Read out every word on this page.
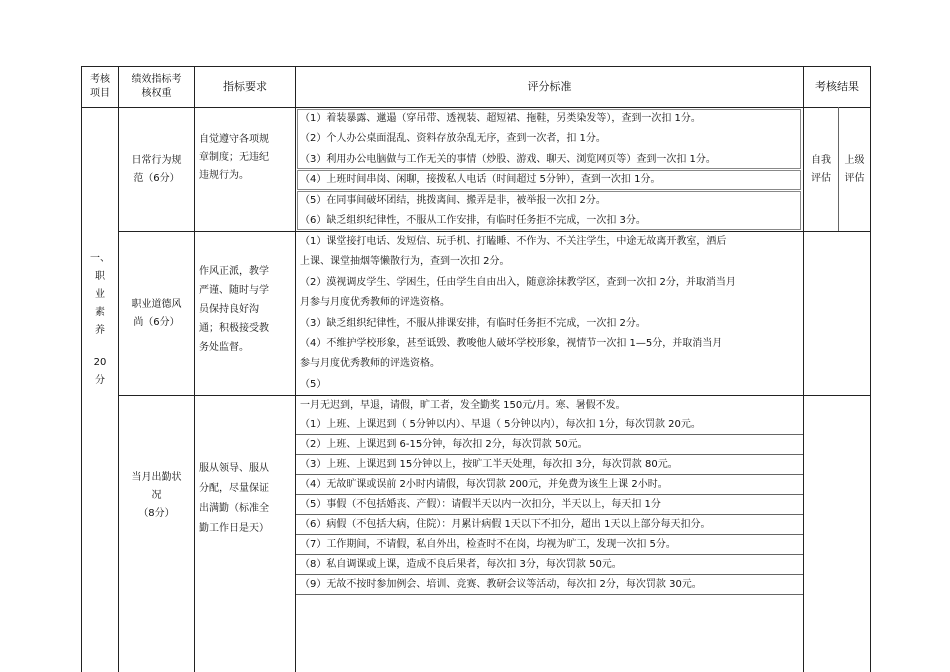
考核
项目
绩效指标考
核权重
指标要求	评分标准	考核结果
一、
职
业
素
养
20
分
日常行为规
范（6分）
自觉遵守各项规
章制度；无违纪
违规行为。
（1）着装暴露、邋遢（穿吊带、透视装、超短裙、拖鞋，另类染发等），查到一次扣 1分。
（2）个人办公桌面混乱、资料存放杂乱无序，查到一次者，扣 1分。
（3）利用办公电脑做与工作无关的事情（炒股、游戏、聊天、浏览网页等）查到一次扣 1分。
（4）上班时间串岗、闲聊，接拨私人电话（时间超过 5分钟），查到一次扣 1分。
（5）在同事间破坏团结，挑拨离间、搬弄是非，被举报一次扣 2分。
（6）缺乏组织纪律性，不服从工作安排，有临时任务拒不完成，一次扣 3分。
自我
评估
上级
评估
职业道德风
尚（6分）
作风正派，教学
严谨、随时与学
员保持良好沟
通；积极接受教
务处监督。
（1）课堂接打电话、发短信、玩手机、打瞌睡、不作为、不关注学生，中途无故离开教室，酒后
上课、课堂抽烟等懒散行为，查到一次扣 2分。
（2）漠视调皮学生、学困生，任由学生自由出入，随意涂抹教学区，查到一次扣 2分，并取消当月
月参与月度优秀教师的评选资格。
（3）缺乏组织纪律性，不服从排课安排，有临时任务拒不完成，一次扣 2分。
（4）不维护学校形象，甚至诋毁、教唆他人破坏学校形象，视情节一次扣 1—5分，并取消当月
参与月度优秀教师的评选资格。
（5）
当月出勤状
况
（8分）
服从领导、服从
分配，尽量保证
出满勤（标准全
勤工作日是天）
一月无迟到，早退，请假，旷工者，发全勤奖 150元/月。寒、暑假不发。
（1）上班、上课迟到（ 5分钟以内）、早退（ 5分钟以内），每次扣 1分，每次罚款 20元。
（2）上班、上课迟到 6-15分钟，每次扣 2分，每次罚款 50元。
（3）上班、上课迟到 15分钟以上，按旷工半天处理，每次扣 3分，每次罚款 80元。
（4）无故旷课或误前 2小时内请假，每次罚款 200元，并免费为该生上课 2小时。
（5）事假（不包括婚丧、产假）：请假半天以内一次扣分，半天以上，每天扣 1分
（6）病假（不包括大病，住院）：月累计病假 1天以下不扣分，超出 1天以上部分每天扣分。
（7）工作期间，不请假，私自外出，检查时不在岗，均视为旷工，发现一次扣 5分。
（8）私自调课或上课，造成不良后果者，每次扣 3分，每次罚款 50元。
（9）无故不按时参加例会、培训、竞赛、教研会议等活动，每次扣 2分，每次罚款 30元。
